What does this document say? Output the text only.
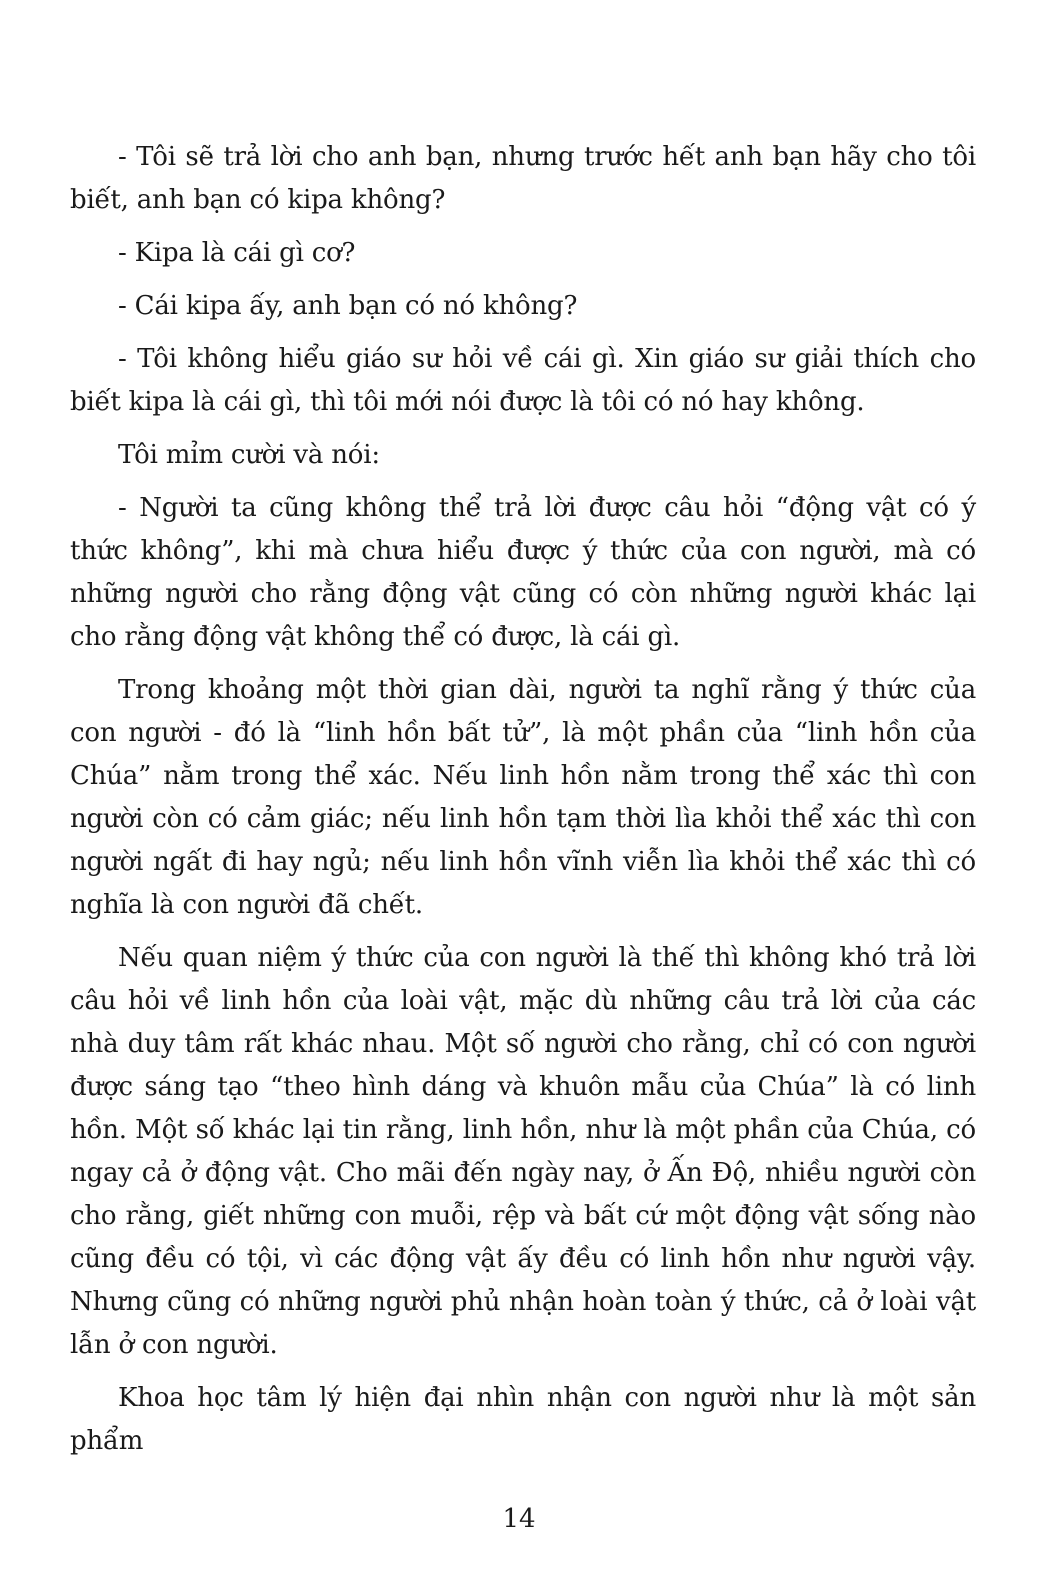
- Tôi sẽ trả lời cho anh bạn, nhưng trước hết anh bạn hãy cho tôi biết, anh bạn có kipa không?

- Kipa là cái gì cơ?

- Cái kipa ấy, anh bạn có nó không?

- Tôi không hiểu giáo sư hỏi về cái gì. Xin giáo sư giải thích cho biết kipa là cái gì, thì tôi mới nói được là tôi có nó hay không.

Tôi mỉm cười và nói:

- Người ta cũng không thể trả lời được câu hỏi “động vật có ý thức không”, khi mà chưa hiểu được ý thức của con người, mà có những người cho rằng động vật cũng có còn những người khác lại cho rằng động vật không thể có được, là cái gì.

Trong khoảng một thời gian dài, người ta nghĩ rằng ý thức của con người - đó là “linh hồn bất tử”, là một phần của “linh hồn của Chúa” nằm trong thể xác. Nếu linh hồn nằm trong thể xác thì con người còn có cảm giác; nếu linh hồn tạm thời lìa khỏi thể xác thì con người ngất đi hay ngủ; nếu linh hồn vĩnh viễn lìa khỏi thể xác thì có nghĩa là con người đã chết.

Nếu quan niệm ý thức của con người là thế thì không khó trả lời câu hỏi về linh hồn của loài vật, mặc dù những câu trả lời của các nhà duy tâm rất khác nhau. Một số người cho rằng, chỉ có con người được sáng tạo “theo hình dáng và khuôn mẫu của Chúa” là có linh hồn. Một số khác lại tin rằng, linh hồn, như là một phần của Chúa, có ngay cả ở động vật. Cho mãi đến ngày nay, ở Ấn Độ, nhiều người còn cho rằng, giết những con muỗi, rệp và bất cứ một động vật sống nào cũng đều có tội, vì các động vật ấy đều có linh hồn như người vậy. Nhưng cũng có những người phủ nhận hoàn toàn ý thức, cả ở loài vật lẫn ở con người.

Khoa học tâm lý hiện đại nhìn nhận con người như là một sản phẩm

14
